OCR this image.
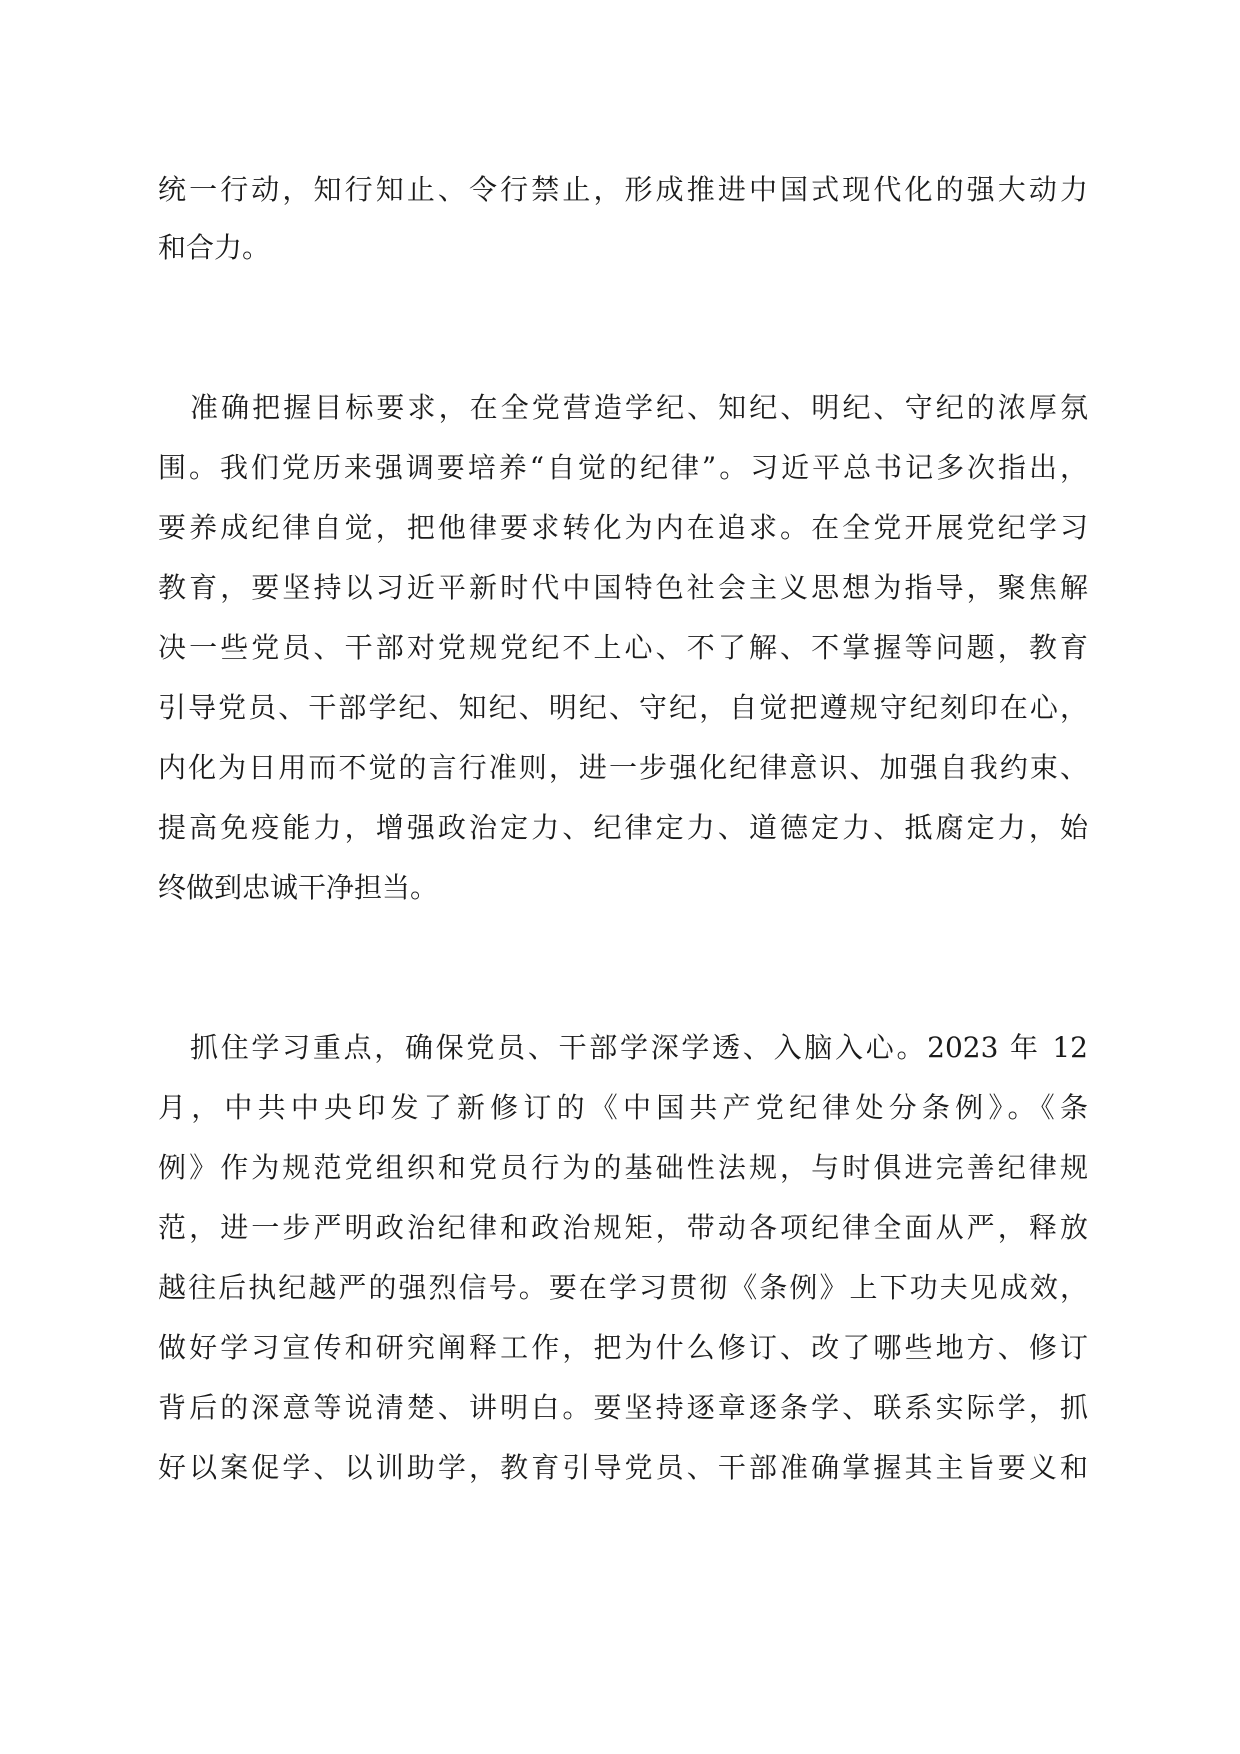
统一行动，知行知止、令行禁止，形成推进中国式现代化的强大动力
和合力。
准确把握目标要求，在全党营造学纪、知纪、明纪、守纪的浓厚氛
围。我们党历来强调要培养“自觉的纪律”。习近平总书记多次指出，
要养成纪律自觉，把他律要求转化为内在追求。在全党开展党纪学习
教育，要坚持以习近平新时代中国特色社会主义思想为指导，聚焦解
决一些党员、干部对党规党纪不上心、不了解、不掌握等问题，教育
引导党员、干部学纪、知纪、明纪、守纪，自觉把遵规守纪刻印在心，
内化为日用而不觉的言行准则，进一步强化纪律意识、加强自我约束、
提高免疫能力，增强政治定力、纪律定力、道德定力、抵腐定力，始
终做到忠诚干净担当。
抓住学习重点，确保党员、干部学深学透、入脑入心。2023 年 12
月，中共中央印发了新修订的《中国共产党纪律处分条例》。《条
例》作为规范党组织和党员行为的基础性法规，与时俱进完善纪律规
范，进一步严明政治纪律和政治规矩，带动各项纪律全面从严，释放
越往后执纪越严的强烈信号。要在学习贯彻《条例》上下功夫见成效，
做好学习宣传和研究阐释工作，把为什么修订、改了哪些地方、修订
背后的深意等说清楚、讲明白。要坚持逐章逐条学、联系实际学，抓
好以案促学、以训助学，教育引导党员、干部准确掌握其主旨要义和
